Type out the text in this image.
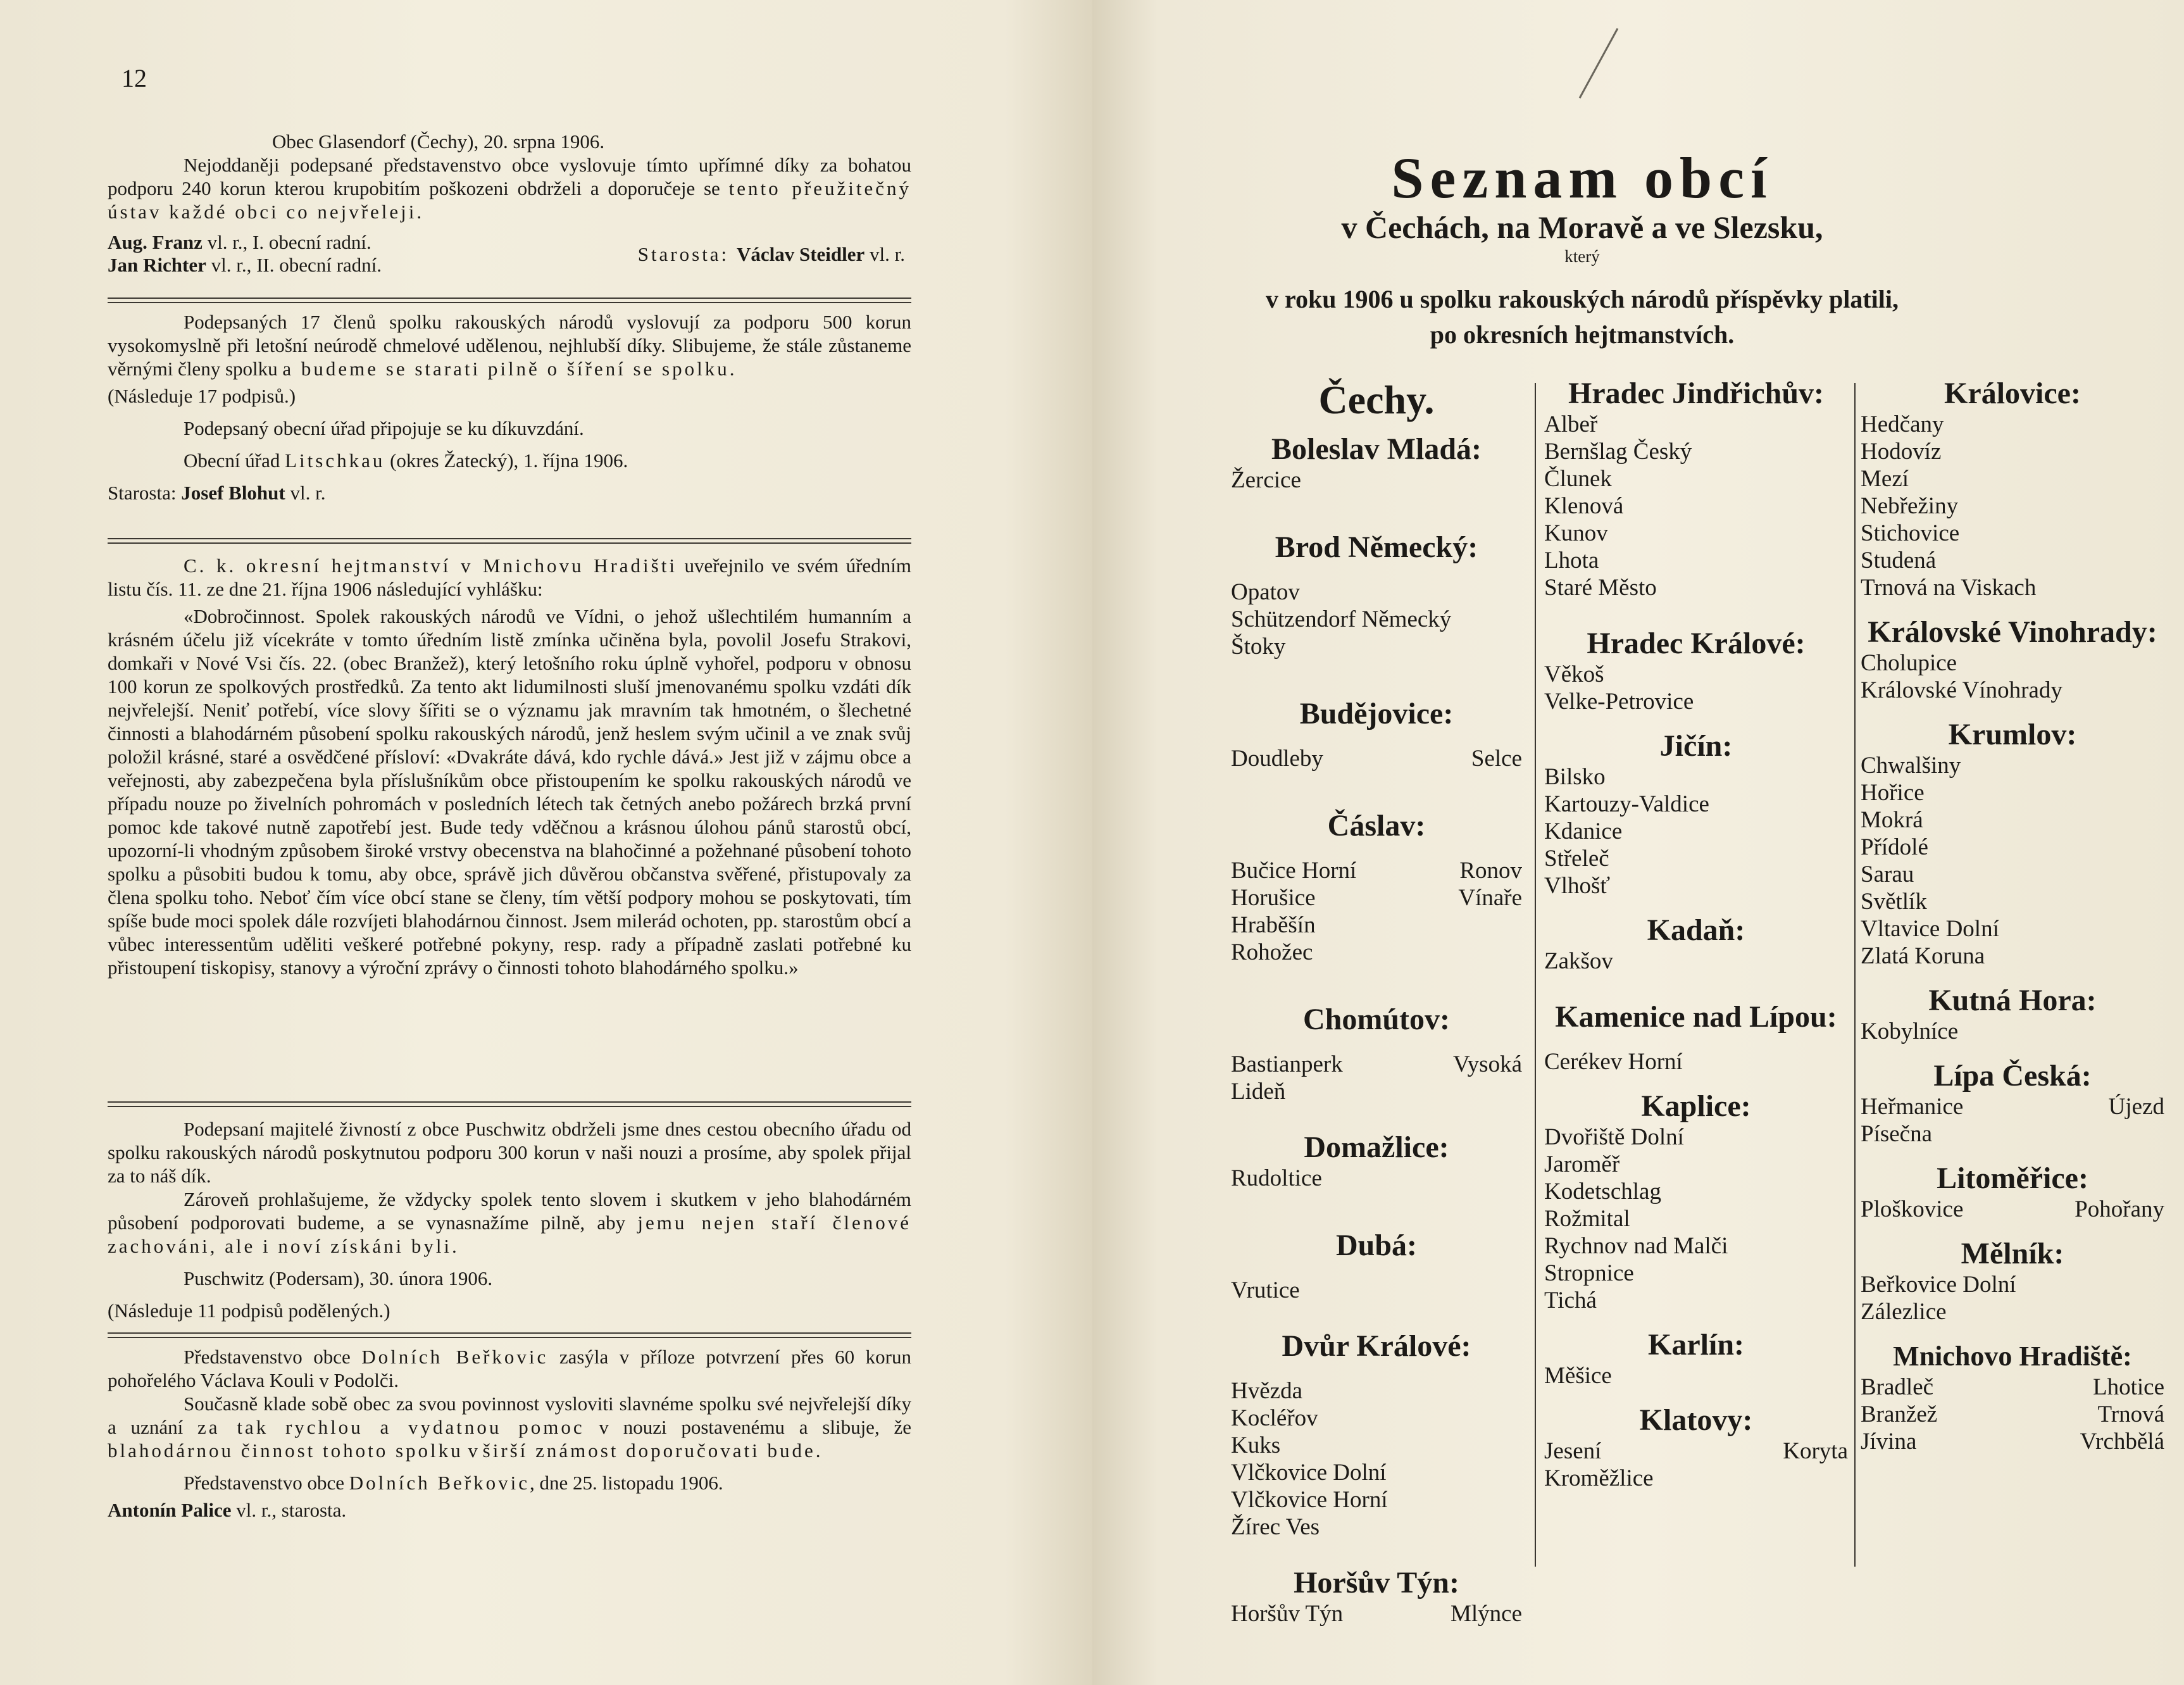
12

Obec Glasendorf (Čechy), 20. srpna 1906.

Nejoddaněji podepsané představenstvo obce vyslovuje tímto upřímné díky za bohatou podporu 240 korun kterou krupobitím poškozeni obdrželi a doporučeje se tento přeužitečný ústav každé obci co nejvřeleji.

Aug. Franz vl. r., I. obecní radní.
Jan Richter vl. r., II. obecní radní.	Starosta: Václav Steidler vl. r.

Podepsaných 17 členů spolku rakouských národů vyslovují za podporu 500 korun vysokomyslně při letošní neúrodě chmelové udělenou, nejhlubší díky. Slibujeme, že stále zůstaneme věrnými členy spolku a budeme se starati pilně o šíření se spolku.

(Následuje 17 podpisů.)

Podepsaný obecní úřad připojuje se ku díkuvzdání.

Obecní úřad Litschkau (okres Žatecký), 1. října 1906.

Starosta: Josef Blohut vl. r.

C. k. okresní hejtmanství v Mnichovu Hradišti uveřejnilo ve svém úředním listu čís. 11. ze dne 21. října 1906 následující vyhlášku:

«Dobročinnost. Spolek rakouských národů ve Vídni, o jehož ušlechtilém humanním a krásném účelu již vícekráte v tomto úředním listě zmínka učiněna byla, povolil Josefu Strakovi, domkaři v Nové Vsi čís. 22. (obec Branžež), který letošního roku úplně vyhořel, podporu v obnosu 100 korun ze spolkových prostředků. Za tento akt lidumilnosti sluší jmenovanému spolku vzdáti dík nejvřelejší. Neniť potřebí, více slovy šířiti se o významu jak mravním tak hmotném, o šlechetné činnosti a blahodárném působení spolku rakouských národů, jenž heslem svým učinil a ve znak svůj položil krásné, staré a osvědčené přísloví: «Dvakráte dává, kdo rychle dává.» Jest již v zájmu obce a veřejnosti, aby zabezpečena byla příslušníkům obce přistoupením ke spolku rakouských národů ve případu nouze po živelních pohromách v posledních létech tak četných anebo požárech brzká první pomoc kde takové nutně zapotřebí jest. Bude tedy vděčnou a krásnou úlohou pánů starostů obcí, upozorní-li vhodným způsobem široké vrstvy obecenstva na blahočinné a požehnané působení tohoto spolku a působiti budou k tomu, aby obce, správě jich důvěrou občanstva svěřené, přistupovaly za člena spolku toho. Neboť čím více obcí stane se členy, tím větší podpory mohou se poskytovati, tím spíše bude moci spolek dále rozvíjeti blahodárnou činnost. Jsem milerád ochoten, pp. starostům obcí a vůbec interessentům uděliti veškeré potřebné pokyny, resp. rady a případně zaslati potřebné ku přistoupení tiskopisy, stanovy a výroční zprávy o činnosti tohoto blahodárného spolku.»

Podepsaní majitelé živností z obce Puschwitz obdrželi jsme dnes cestou obecního úřadu od spolku rakouských národů poskytnutou podporu 300 korun v naši nouzi a prosíme, aby spolek přijal za to náš dík.

Zároveň prohlašujeme, že vždycky spolek tento slovem i skutkem v jeho blahodárném působení podporovati budeme, a se vynasnažíme pilně, aby jemu nejen staří členové zachováni, ale i noví získáni byli.

Puschwitz (Podersam), 30. února 1906.

(Následuje 11 podpisů podělených.)

Představenstvo obce Dolních Beřkovic zasýla v příloze potvrzení přes 60 korun pohořelého Václava Kouli v Podolči.

Současně klade sobě obec za svou povinnost vysloviti slavnéme spolku své nejvřelejší díky a uznání za tak rychlou a vydatnou pomoc v nouzi postavenému a slibuje, že blahodárnou činnost tohoto spolku v širší známost doporučovati bude.

Představenstvo obce Dolních Beřkovic, dne 25. listopadu 1906.

Antonín Palice vl. r., starosta.

Seznam obcí
v Čechách, na Moravě a ve Slezsku,
který
v roku 1906 u spolku rakouských národů příspěvky platili,
po okresních hejtmanstvích.

Čechy.

Boleslav Mladá:

Žercice

Brod Německý:

Opatov

Schützendorf Německý

Štoky

Budějovice:

Doudleby	Selce

Čáslav:

Bučice Horní	Ronov
Horušice	Vínaře

Hraběšín

Rohožec

Chomútov:

Bastianperk	Vysoká

Lideň

Domažlice:

Rudoltice

Dubá:

Vrutice

Dvůr Králové:

Hvězda

Kocléřov

Kuks

Vlčkovice Dolní

Vlčkovice Horní

Žírec Ves

Horšův Týn:

Horšův Týn	Mlýnce

Hradec Jindřichův:

Albeř

Bernšlag Český

Člunek

Klenová

Kunov

Lhota

Staré Město

Hradec Králové:

Věkoš

Velke-Petrovice

Jičín:

Bilsko

Kartouzy-Valdice

Kdanice

Střeleč

Vlhošť

Kadaň:

Zakšov

Kamenice nad Lípou:

Cerékev Horní

Kaplice:

Dvořiště Dolní

Jaroměř

Kodetschlag

Rožmital

Rychnov nad Malči

Stropnice

Tichá

Karlín:

Měšice

Klatovy:

Jesení	Koryta

Kroměžlice

Královice:

Hedčany

Hodovíz

Mezí

Nebřežiny

Stichovice

Studená

Trnová na Viskach

Královské Vinohrady:

Cholupice

Královské Vínohrady

Krumlov:

Chwalšiny

Hořice

Mokrá

Přídolé

Sarau

Světlík

Vltavice Dolní

Zlatá Koruna

Kutná Hora:

Kobylníce

Lípa Česká:

Heřmanice	Újezd

Písečna

Litoměřice:

Ploškovice	Pohořany

Mělník:

Beřkovice Dolní

Zálezlice

Mnichovo Hradiště:

Bradleč	Lhotice
Branžež	Trnová
Jívina	Vrchbělá
